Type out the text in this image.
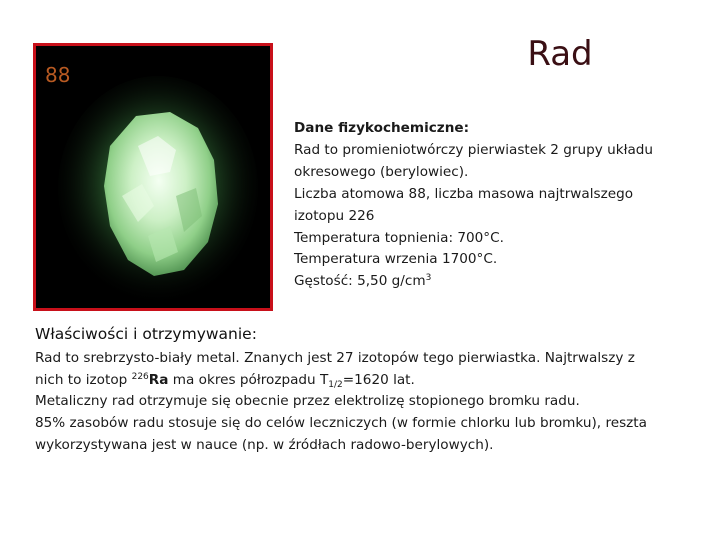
Rad
88
Dane fizykochemiczne:
Rad to promieniotwórczy pierwiastek 2 grupy układu
okresowego (berylowiec).
Liczba atomowa 88, liczba masowa najtrwalszego
izotopu 226
Temperatura topnienia: 700°C.
Temperatura wrzenia 1700°C.
Gęstość: 5,50 $g/cm^3$
Właściwości i otrzymywanie:
Rad to srebrzysto-biały metal. Znanych jest 27 izotopów tego pierwiastka. Najtrwalszy z
nich to izotop $^{226}$Ra ma okres półrozpadu $T_{1/2}=1620$ lat.
Metaliczny rad otrzymuje się obecnie przez elektrolizę stopionego bromku radu.
85% zasobów radu stosuje się do celów leczniczych (w formie chlorku lub bromku), reszta
wykorzystywana jest w nauce (np. w źródłach radowo-berylowych).
